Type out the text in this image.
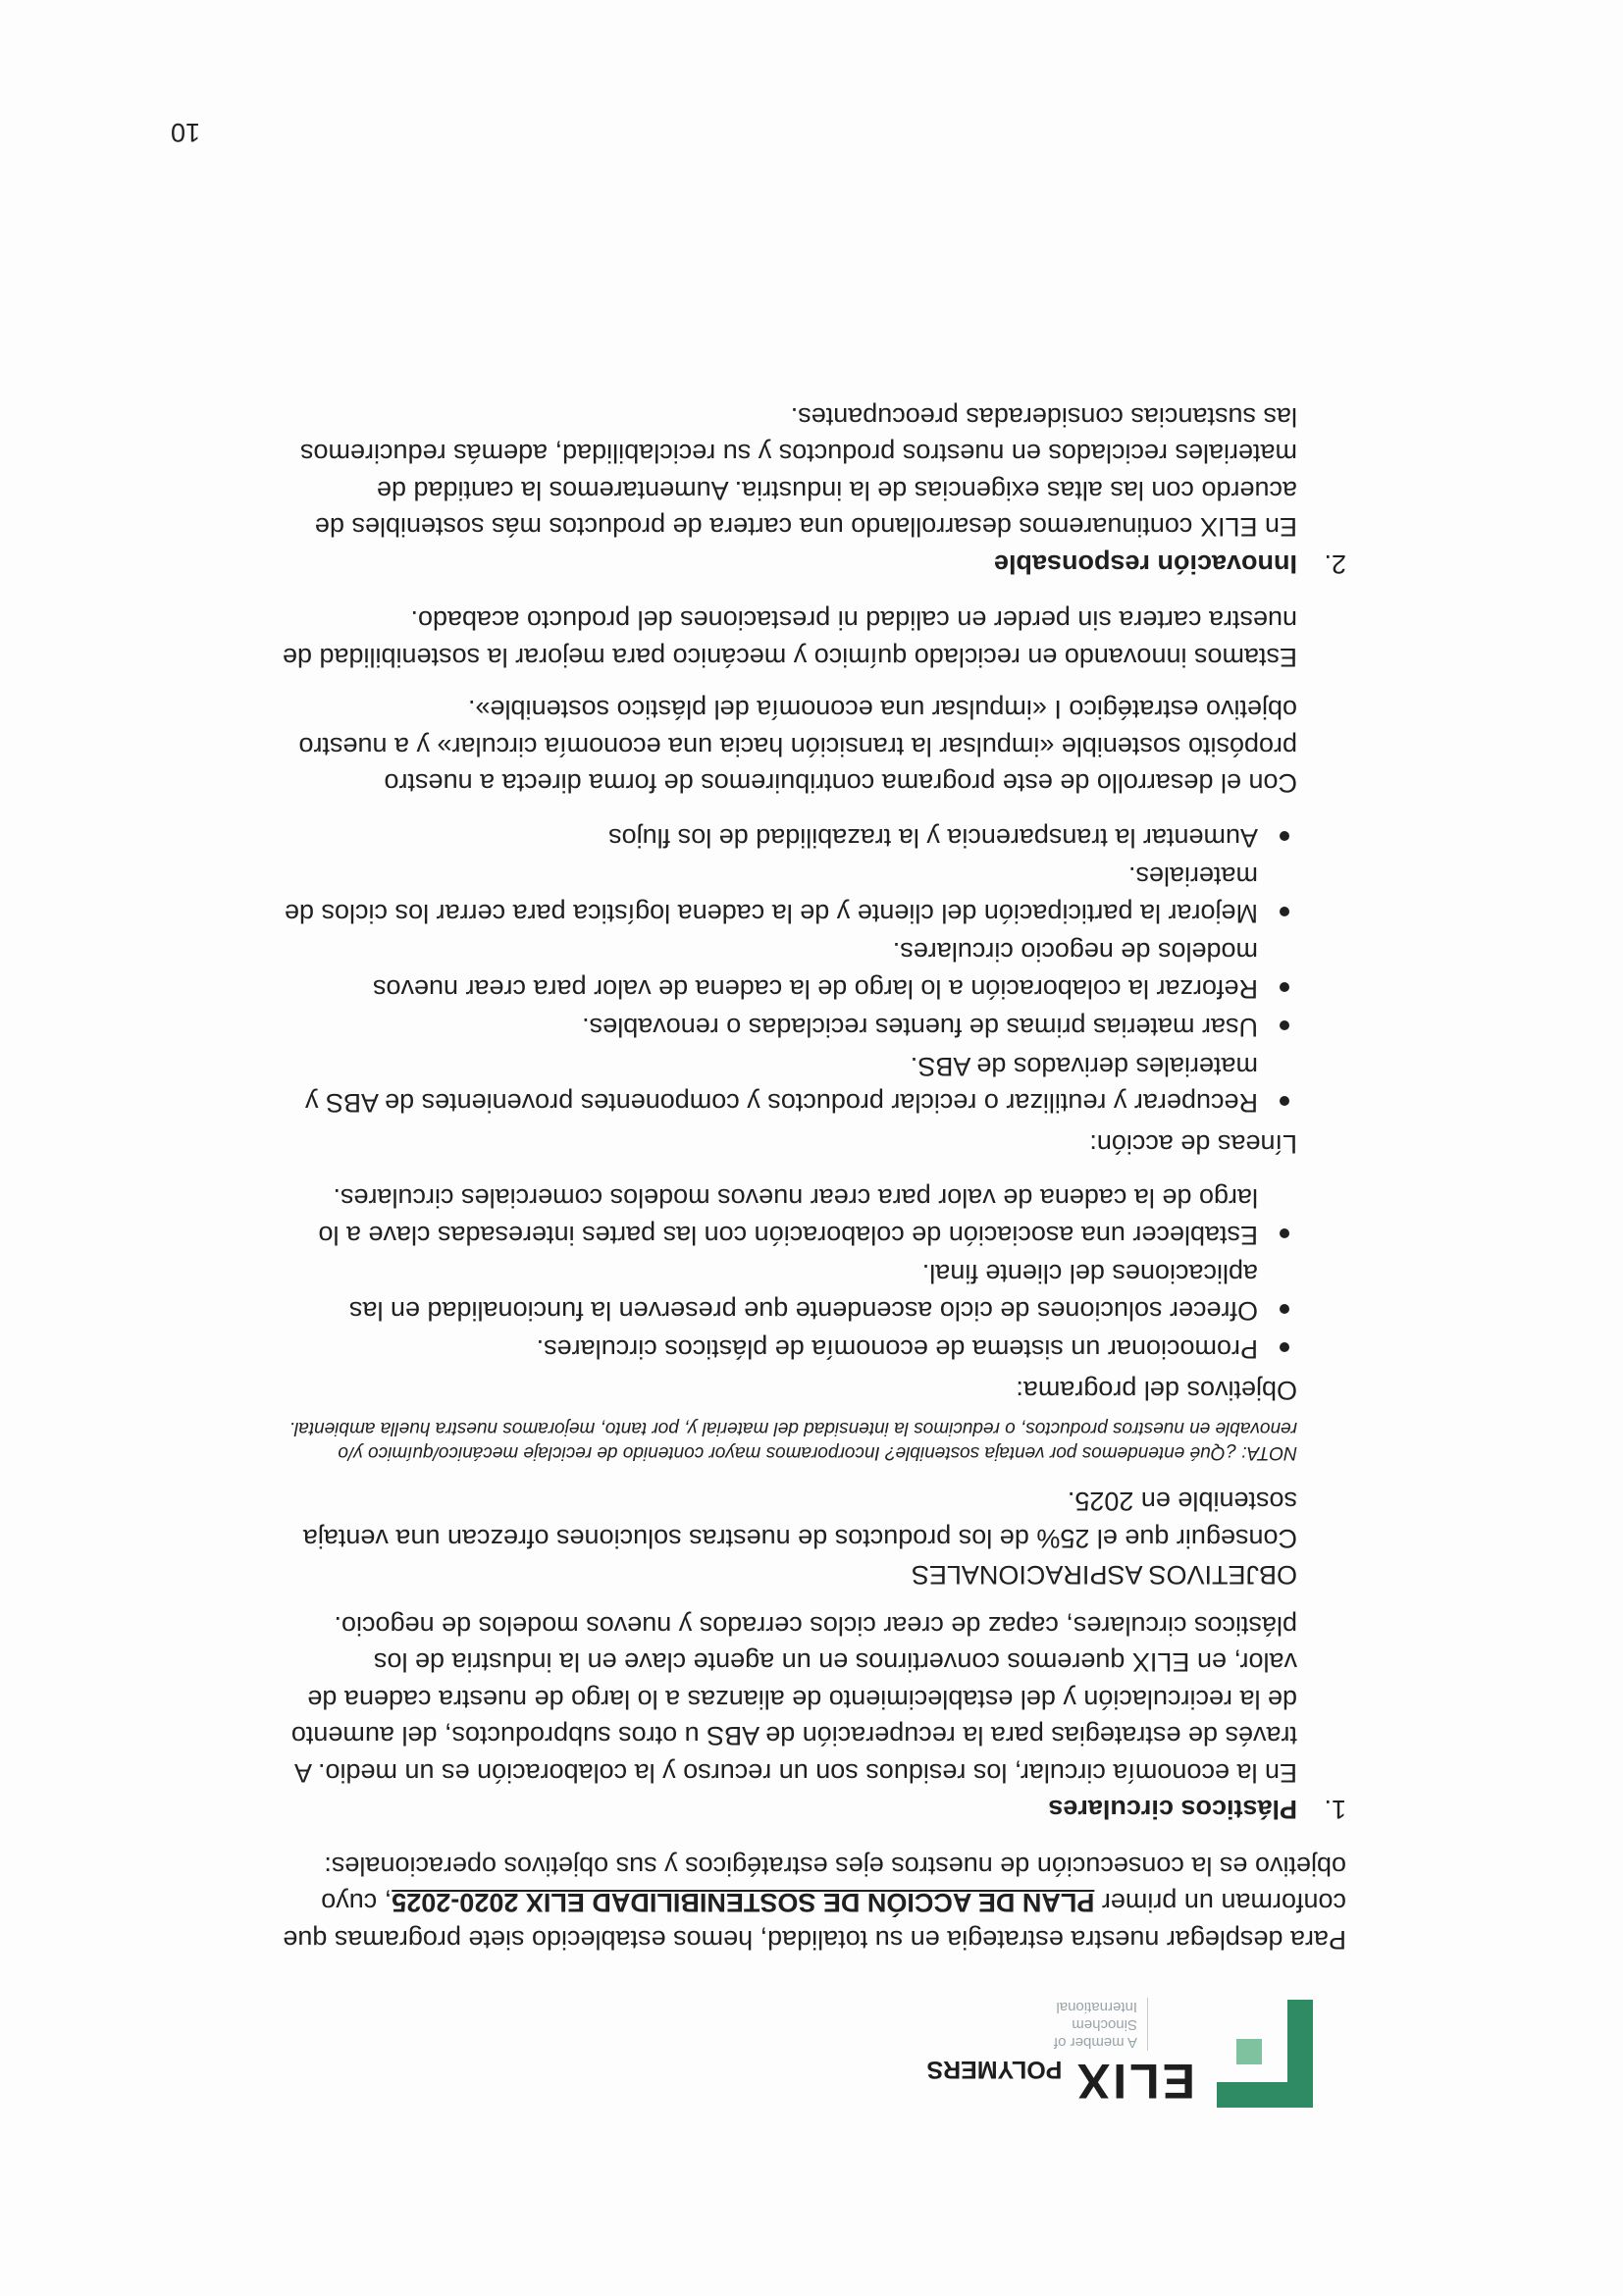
ELIX POLYMERS
A member of
Sinochem
International

Para desplegar nuestra estrategia en su totalidad, hemos establecido siete programas que conforman un primer PLAN DE ACCIÓN DE SOSTENIBILIDAD ELIX 2020-2025, cuyo objetivo es la consecución de nuestros ejes estratégicos y sus objetivos operacionales:

1.Plásticos circulares

En la economía circular, los residuos son un recurso y la colaboración es un medio. A través de estrategias para la recuperación de ABS u otros subproductos, del aumento de la recirculación y del establecimiento de alianzas a lo largo de nuestra cadena de valor, en ELIX queremos convertirnos en un agente clave en la industria de los plásticos circulares, capaz de crear ciclos cerrados y nuevos modelos de negocio.

OBJETIVOS ASPIRACIONALES

Conseguir que el 25% de los productos de nuestras soluciones ofrezcan una ventaja sostenible en 2025.

NOTA: ¿Qué entendemos por ventaja sostenible? Incorporamos mayor contenido de reciclaje mecánico/químico y/o renovable en nuestros productos, o reducimos la intensidad del material y, por tanto, mejoramos nuestra huella ambiental.

Objetivos del programa:

Promocionar un sistema de economía de plásticos circulares.
Ofrecer soluciones de ciclo ascendente que preserven la funcionalidad en las aplicaciones del cliente final.
Establecer una asociación de colaboración con las partes interesadas clave a lo largo de la cadena de valor para crear nuevos modelos comerciales circulares.

Líneas de acción:

Recuperar y reutilizar o reciclar productos y componentes provenientes de ABS y materiales derivados de ABS.
Usar materias primas de fuentes recicladas o renovables.
Reforzar la colaboración a lo largo de la cadena de valor para crear nuevos modelos de negocio circulares.
Mejorar la participación del cliente y de la cadena logística para cerrar los ciclos de materiales.
Aumentar la transparencia y la trazabilidad de los flujos

Con el desarrollo de este programa contribuiremos de forma directa a nuestro propósito sostenible «impulsar la transición hacia una economía circular» y a nuestro objetivo estratégico I «impulsar una economía del plástico sostenible».

Estamos innovando en reciclado químico y mecánico para mejorar la sostenibilidad de nuestra cartera sin perder en calidad ni prestaciones del producto acabado.

2.Innovación responsable

En ELIX continuaremos desarrollando una cartera de productos más sostenibles de acuerdo con las altas exigencias de la industria. Aumentaremos la cantidad de materiales reciclados en nuestros productos y su reciclabilidad, además reduciremos las sustancias consideradas preocupantes.

10
